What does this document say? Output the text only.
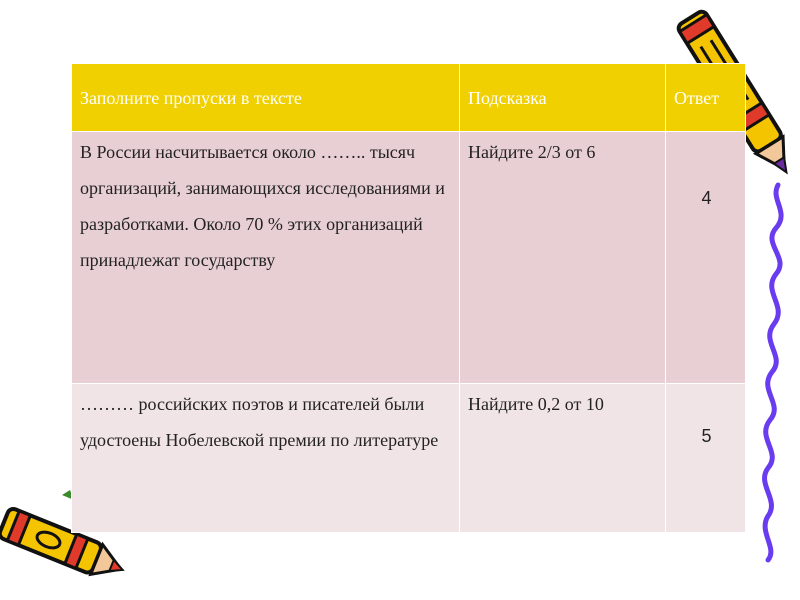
Заполните пропуски в тексте	Подсказка	Ответ

В России насчитывается около …….. тысяч организаций, занимающихся исследованиями и разработками. Около 70 % этих организаций принадлежат государству	Найдите 2/3 от 6	4

……… российских поэтов и писателей были удостоены Нобелевской премии по литературе	Найдите 0,2 от 10	5
